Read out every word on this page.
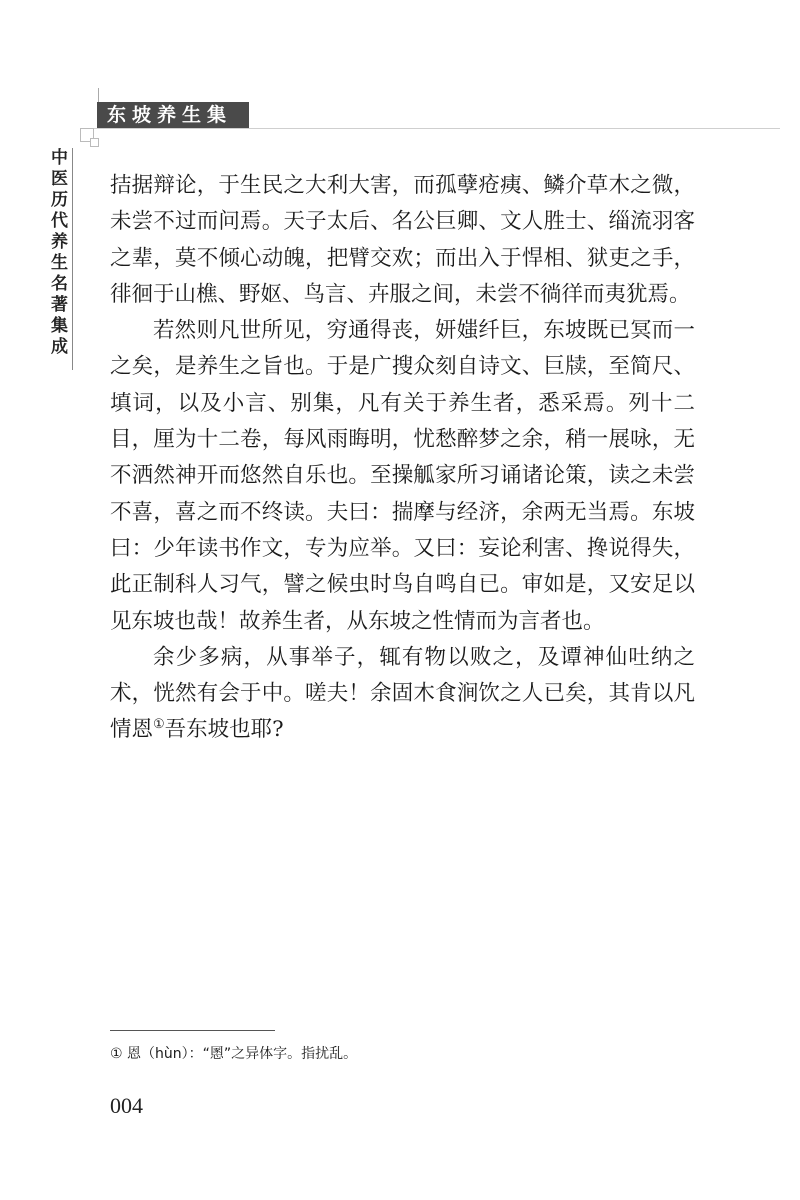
东坡养生集
中医历代养生名著集成 拮据辩论，于生民之大利大害，而孤孽疮痍、鳞介草木之微，未尝不过而问焉。天子太后、名公巨卿、文人胜士、缁流羽客之辈，莫不倾心动魄，把臂交欢；而出入于悍相、狱吏之手，徘徊于山樵、野妪、鸟言、卉服之间，未尝不徜徉而夷犹焉。

若然则凡世所见，穷通得丧，妍媸纤巨，东坡既已冥而一之矣，是养生之旨也。于是广搜众刻自诗文、巨牍，至简尺、填词，以及小言、别集，凡有关于养生者，悉采焉。列十二目，厘为十二卷，每风雨晦明，忧愁醉梦之余，稍一展咏，无不洒然神开而悠然自乐也。至操觚家所习诵诸论策，读之未尝不喜，喜之而不终读。夫曰：揣摩与经济，余两无当焉。东坡曰：少年读书作文，专为应举。又曰：妄论利害、搀说得失，此正制科人习气，譬之候虫时鸟自鸣自已。审如是，又安足以见东坡也哉！故养生者，从东坡之性情而为言者也。

余少多病，从事举子，辄有物以败之，及谭神仙吐纳之术，恍然有会于中。嗟夫！余固木食涧饮之人已矣，其肯以凡情恩①吾东坡也耶?

① 恩（hùn）：“慁”之异体字。指扰乱。
004
